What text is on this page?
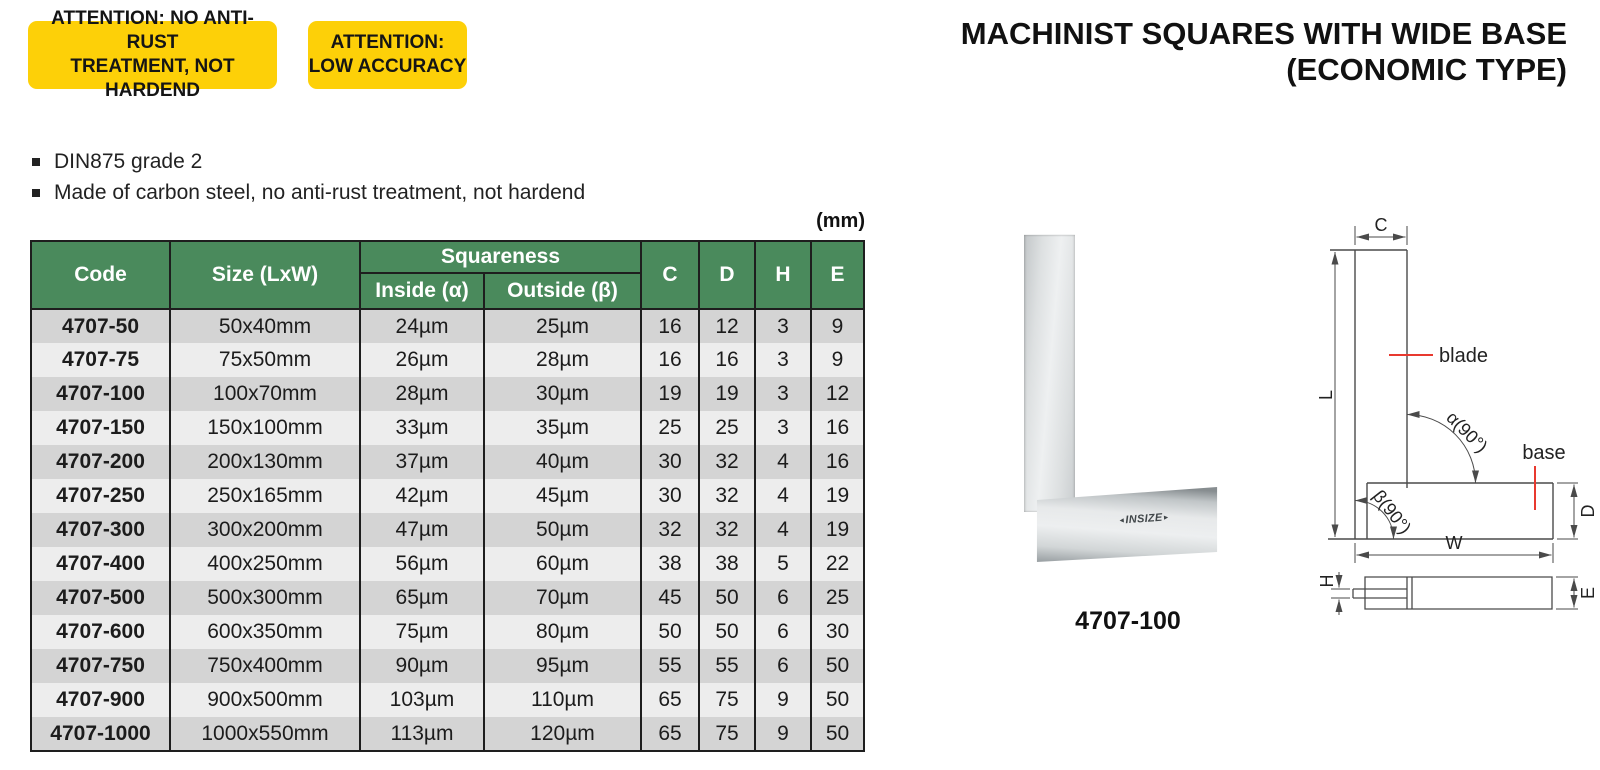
ATTENTION: NO ANTI-RUST
TREATMENT, NOT HARDEND
ATTENTION:
LOW ACCURACY
MACHINIST SQUARES WITH WIDE BASE
(ECONOMIC TYPE)
DIN875 grade 2
Made of carbon steel, no anti-rust treatment, not hardend
(mm)
Code	Size (LxW)	Squareness		C	D	H	E
		Inside (α)	Outside (β)				
4707-50	50x40mm	24µm	25µm	16	12	3	9
4707-75	75x50mm	26µm	28µm	16	16	3	9
4707-100	100x70mm	28µm	30µm	19	19	3	12
4707-150	150x100mm	33µm	35µm	25	25	3	16
4707-200	200x130mm	37µm	40µm	30	32	4	16
4707-250	250x165mm	42µm	45µm	30	32	4	19
4707-300	300x200mm	47µm	50µm	32	32	4	19
4707-400	400x250mm	56µm	60µm	38	38	5	22
4707-500	500x300mm	65µm	70µm	45	50	6	25
4707-600	600x350mm	75µm	80µm	50	50	6	30
4707-750	750x400mm	90µm	95µm	55	55	6	50
4707-900	900x500mm	103µm	110µm	65	75	9	50
4707-1000	1000x550mm	113µm	120µm	65	75	9	50
◄INSIZE►
4707-100
C
L
W
D
H
E
blade
base
α(90°)
β(90°)
